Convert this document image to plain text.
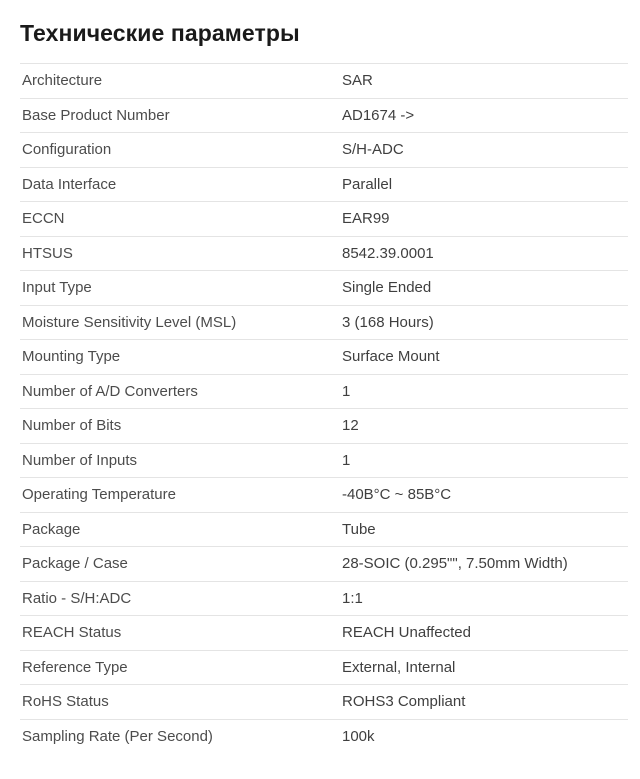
Технические параметры
Architecture	SAR
Base Product Number	AD1674 ->
Configuration	S/H-ADC
Data Interface	Parallel
ECCN	EAR99
HTSUS	8542.39.0001
Input Type	Single Ended
Moisture Sensitivity Level (MSL)	3 (168 Hours)
Mounting Type	Surface Mount
Number of A/D Converters	1
Number of Bits	12
Number of Inputs	1
Operating Temperature	-40B°C ~ 85B°C
Package	Tube
Package / Case	28-SOIC (0.295"", 7.50mm Width)
Ratio - S/H:ADC	1:1
REACH Status	REACH Unaffected
Reference Type	External, Internal
RoHS Status	ROHS3 Compliant
Sampling Rate (Per Second)	100k
